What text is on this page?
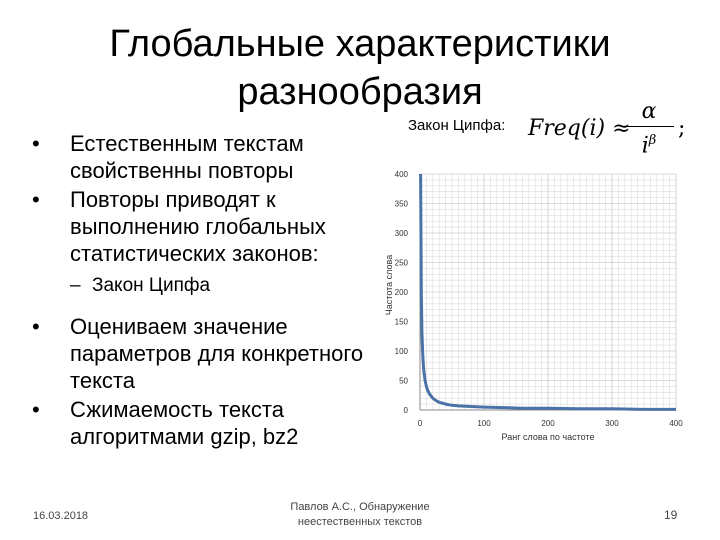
Глобальные характеристики
разнообразия
• Естественным текстам свойственны повторы
• Повторы приводят к выполнению глобальных статистических законов:
– Закон Ципфа
• Оцениваем значение параметров для конкретного текста
• Сжимаемость текста алгоритмами gzip, bz2
Закон Ципфа: Freq(i) ≈
α
$i^\beta$ ;
0
50
100
150
200
250
300
350
400
0	100	200	300	400
Ранг слова по частоте
Частота слова
16.03.2018
Павлов А.С., Обнаружение
неестественных текстов	19
